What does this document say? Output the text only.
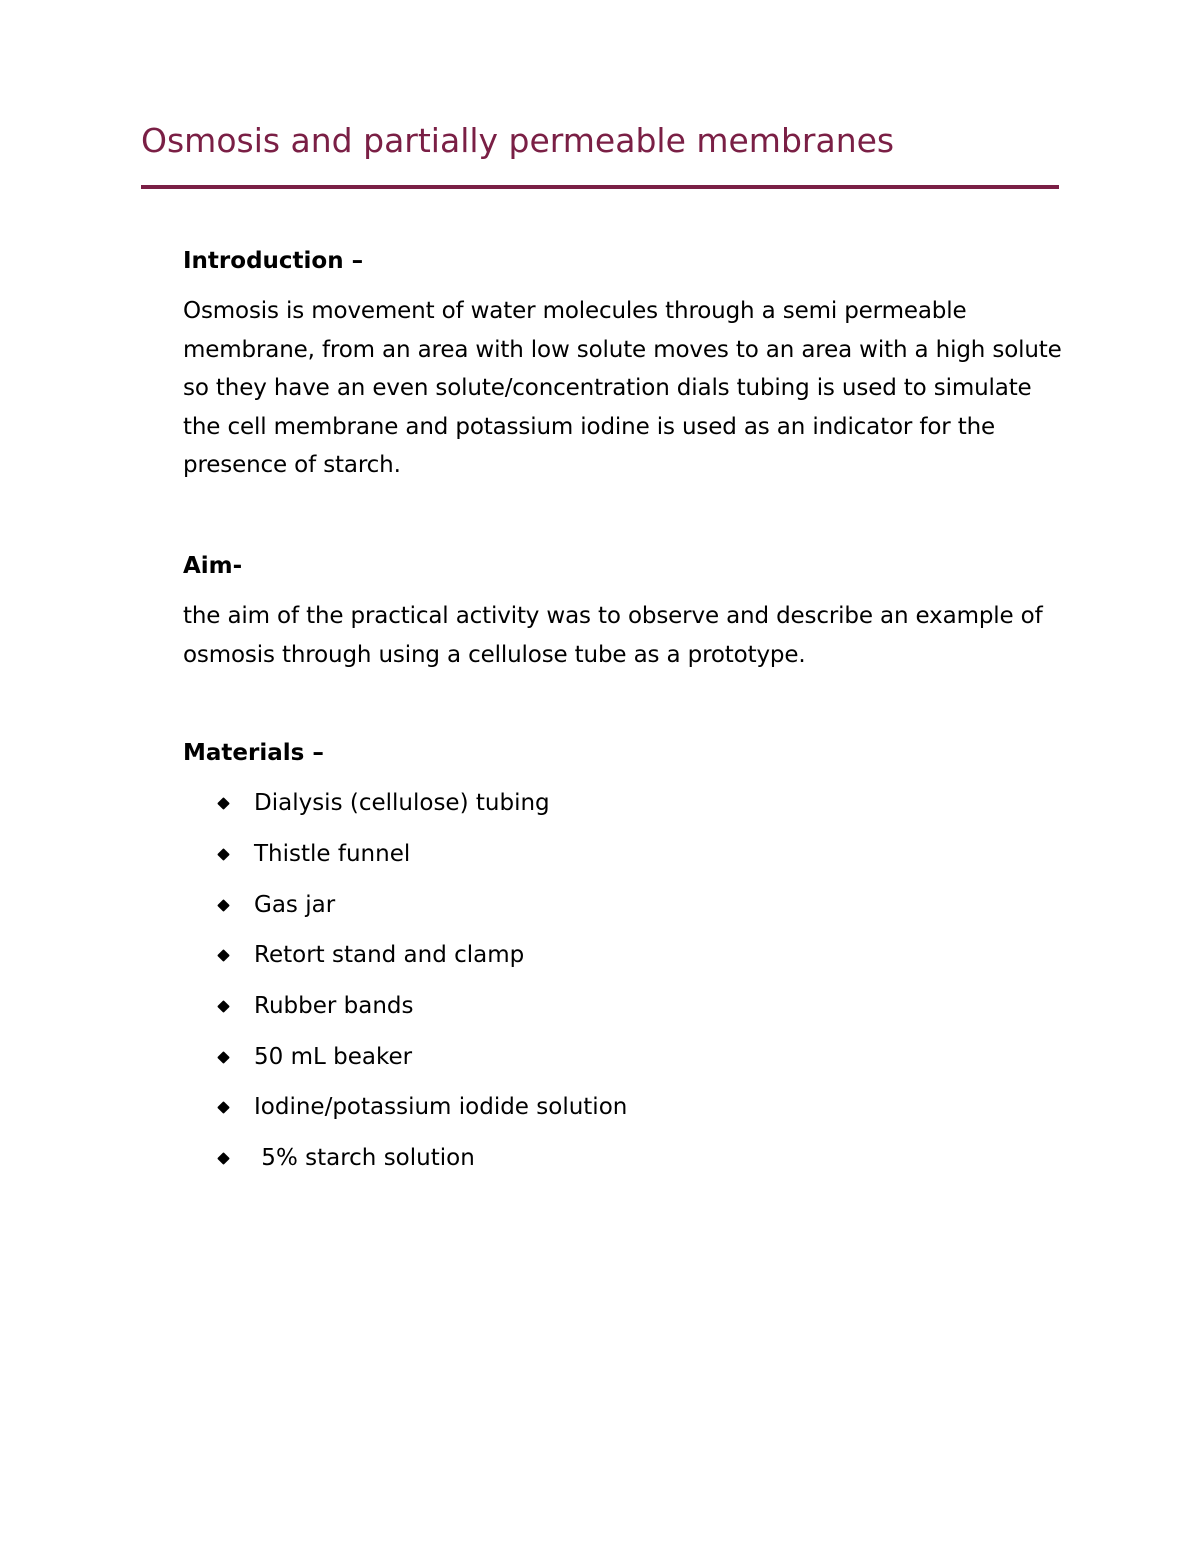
Osmosis and partially permeable membranes
Introduction –

Osmosis is movement of water molecules through a semi permeable membrane, from an area with low solute moves to an area with a high solute so they have an even solute/concentration dials tubing is used to simulate the cell membrane and potassium iodine is used as an indicator for the presence of starch.

Aim-

the aim of the practical activity was to observe and describe an example of osmosis through using a cellulose tube as a prototype.

Materials –
Dialysis (cellulose) tubing
Thistle funnel
Gas jar
Retort stand and clamp
Rubber bands
50 mL beaker
Iodine/potassium iodide solution
5% starch solution
